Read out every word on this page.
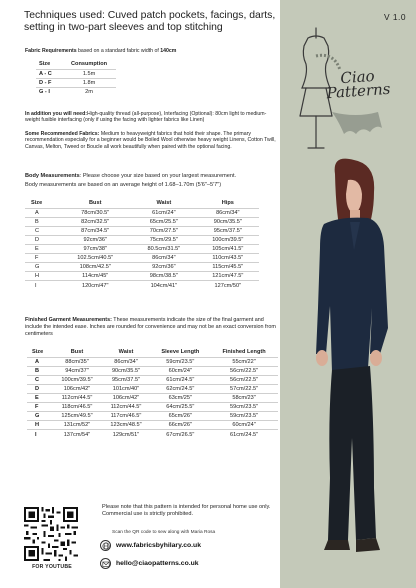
Techniques used: Cuved patch pockets, facings, darts, setting in two-part sleeves and top stitching
Fabric Requirements based on a standard fabric width of 140cm
Size	Consumption
A - C	1.5m
D - F	1.8m
G - I	2m
In addition you will need:High-quality thread (all-purpose), Interfacing (Optional): 80cm light to medium-weight fusible interfacing (only if using the facing with lighter fabrics like Linen)
Some Recommended Fabrics: Medium to heavyweight fabrics that hold their shape. The primary recommendation especially for a beginner would be Boiled Wool otherwise heavy weight Linens, Cotton Twill, Canvas, Melton, Tweed or Boucle all work beautifully when paired with the optional facing.
Body Measurements: Please choose your size based on your largest measurement.
Body measurements are based on an average height of 1.68–1.70m (5'6"–5'7")
Size	Bust	Waist	Hips
A	78cm/30.5"	61cm/24"	86cm/34"
B	82cm/32.5"	65cm/25.5"	90cm/35.5"
C	87cm/34.5"	70cm/27.5"	95cm/37.5"
D	92cm/36"	75cm/29.5"	100cm/39.5"
E	97cm/38"	80.5cm/31.5"	105cm/41.5"
F	102.5cm/40.5"	86cm/34"	110cm/43.5"
G	108cm/42.5"	92cm/36"	115cm/45.5"
H	114cm/45"	98cm/38.5"	121cm/47.5"
I	120cm/47"	104cm/41"	127cm/50"
Finished Garment Measurements: These measurements indicate the size of the final garment and include the intended ease. Inches are rounded for convenience and may not be an exact conversion from centimeters
Size	Bust	Waist	Sleeve Length	Finished Length
A	88cm/35"	86cm/34"	59cm/23.5"	55cm/22"
B	94cm/37"	90cm/35.5"	60cm/24"	56cm/22.5"
C	100cm/39.5"	95cm/37.5"	61cm/24.5"	56cm/22.5"
D	106cm/42"	101cm/40"	62cm/24.5"	57cm/22.5"
E	112cm/44.5"	106cm/42"	63cm/25"	58cm/23"
F	118cm/46.5"	112cm/44.5"	64cm/25.5"	59cm/23.5"
G	125cm/49.5"	117cm/46.5"	65cm/26"	59cm/23.5"
H	131cm/52"	123cm/48.5"	66cm/26"	60cm/24"
I	137cm/54"	129cm/51"	67cm/26.5"	61cm/24.5"
FOR YOUTUBE
Please note that this pattern is intended for personal home use only. Commercial use is strictly prohibited.
Scan the QR code to sew along with Maria Rosa
www.fabricsbyhilary.co.uk
hello@ciaopatterns.co.uk
V 1.0
Ciao Patterns
